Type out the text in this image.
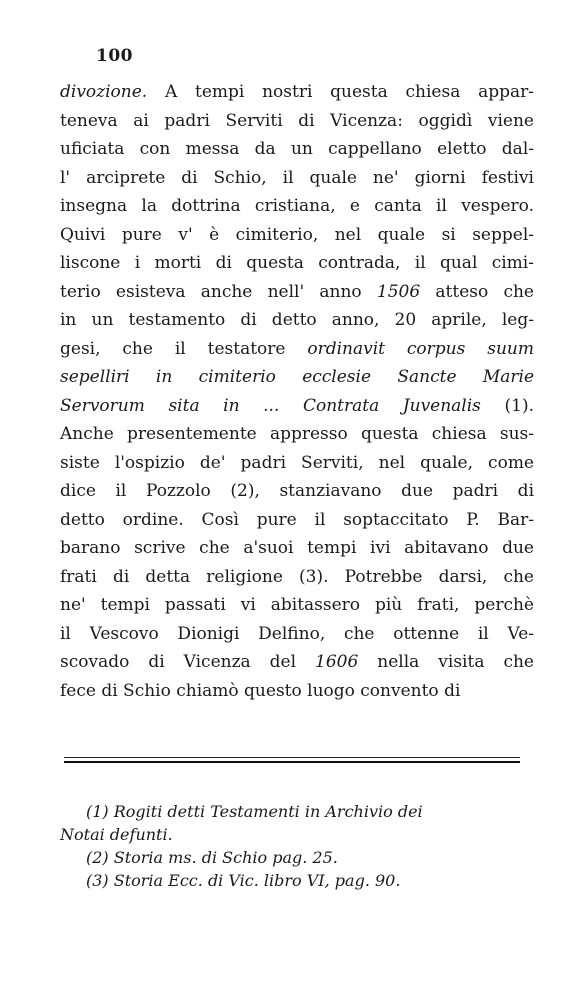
100
divozione. A tempi nostri questa chiesa appar-
teneva ai padri Serviti di Vicenza: oggidì viene
uficiata con messa da un cappellano eletto dal-
l' arciprete di Schio, il quale ne' giorni festivi
insegna la dottrina cristiana, e canta il vespero.
Quivi pure v' è cimiterio, nel quale si seppel-
liscone i morti di questa contrada, il qual cimi-
terio esisteva anche nell' anno 1506 atteso che
in un testamento di detto anno, 20 aprile, leg-
gesi, che il testatore ordinavit corpus suum
sepelliri in cimiterio ecclesie Sancte Marie
Servorum sita in ... Contrata Juvenalis (1).
Anche presentemente appresso questa chiesa sus-
siste l'ospizio de' padri Serviti, nel quale, come
dice il Pozzolo (2), stanziavano due padri di
detto ordine. Così pure il soptaccitato P. Bar-
barano scrive che a'suoi tempi ivi abitavano due
frati di detta religione (3). Potrebbe darsi, che
ne' tempi passati vi abitassero più frati, perchè
il Vescovo Dionigi Delfino, che ottenne il Ve-
scovado di Vicenza del 1606 nella visita che
fece di Schio chiamò questo luogo convento di
(1) Rogiti detti Testamenti in Archivio dei
Notai defunti.
(2) Storia ms. di Schio pag. 25.
(3) Storia Ecc. di Vic. libro VI, pag. 90.
